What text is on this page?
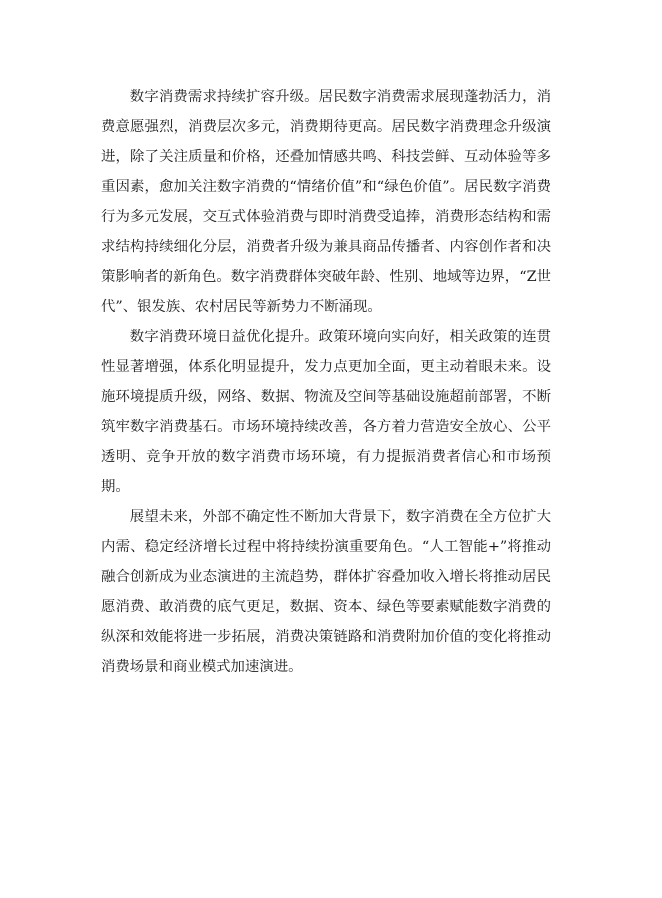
数字消费需求持续扩容升级。居民数字消费需求展现蓬勃活力，消费意愿强烈，消费层次多元，消费期待更高。居民数字消费理念升级演进，除了关注质量和价格，还叠加情感共鸣、科技尝鲜、互动体验等多重因素，愈加关注数字消费的“情绪价值”和“绿色价值”。居民数字消费行为多元发展，交互式体验消费与即时消费受追捧，消费形态结构和需求结构持续细化分层，消费者升级为兼具商品传播者、内容创作者和决策影响者的新角色。数字消费群体突破年龄、性别、地域等边界，“Z世代”、银发族、农村居民等新势力不断涌现。

数字消费环境日益优化提升。政策环境向实向好，相关政策的连贯性显著增强，体系化明显提升，发力点更加全面，更主动着眼未来。设施环境提质升级，网络、数据、物流及空间等基础设施超前部署，不断筑牢数字消费基石。市场环境持续改善，各方着力营造安全放心、公平透明、竞争开放的数字消费市场环境，有力提振消费者信心和市场预期。

展望未来，外部不确定性不断加大背景下，数字消费在全方位扩大内需、稳定经济增长过程中将持续扮演重要角色。“人工智能+”将推动融合创新成为业态演进的主流趋势，群体扩容叠加收入增长将推动居民愿消费、敢消费的底气更足，数据、资本、绿色等要素赋能数字消费的纵深和效能将进一步拓展，消费决策链路和消费附加价值的变化将推动消费场景和商业模式加速演进。
